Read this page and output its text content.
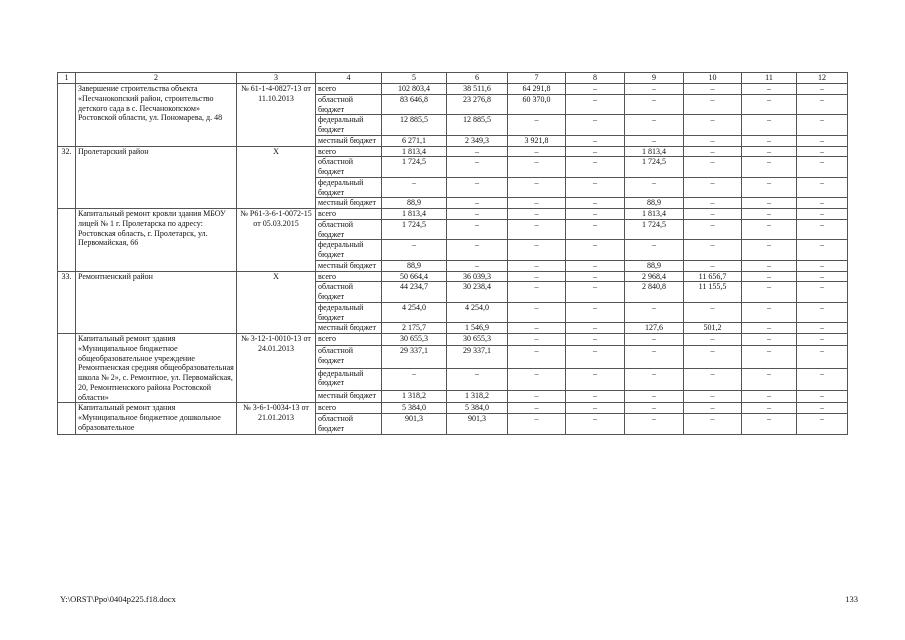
1	2	3	4	5	6	7	8	9	10	11	12
	Завершение строительства объекта «Песчанокопский район, строительство детского сада в с. Песчанокопском» Ростовской области, ул. Пономарева, д. 48	№ 61-1-4-0827-13 от 11.10.2013	всего	102 803,4	38 511,6	64 291,8	–	–	–	–	–
			областной бюджет	83 646,8	23 276,8	60 370,0	–	–	–	–	–
			федеральный бюджет	12 885,5	12 885,5	–	–	–	–	–	–
			местный бюджет	6 271,1	2 349,3	3 921,8	–	–	–	–	–
32.	Пролетарский район	Х	всего	1 813,4	–	–	–	1 813,4	–	–	–
			областной бюджет	1 724,5	–	–	–	1 724,5	–	–	–
			федеральный бюджет	–	–	–	–	–	–	–	–
			местный бюджет	88,9	–	–	–	88,9	–	–	–
	Капитальный ремонт кровли здания МБОУ лицей № 1 г. Пролетарска по адресу: Ростовская область, г. Пролетарск, ул. Первомайская, 66	№ Р61-3-6-1-0072-15 от 05.03.2015	всего	1 813,4	–	–	–	1 813,4	–	–	–
			областной бюджет	1 724,5	–	–	–	1 724,5	–	–	–
			федеральный бюджет	–	–	–	–	–	–	–	–
			местный бюджет	88,9	–	–	–	88,9	–	–	–
33.	Ремонтненский район	Х	всего	50 664,4	36 039,3	–	–	2 968,4	11 656,7	–	–
			областной бюджет	44 234,7	30 238,4	–	–	2 840,8	11 155,5	–	–
			федеральный бюджет	4 254,0	4 254,0	–	–	–	–	–	–
			местный бюджет	2 175,7	1 546,9	–	–	127,6	501,2	–	–
	Капитальный ремонт здания «Муниципальное бюджетное общеобразовательное учреждение Ремонтненская средняя общеобразовательная школа № 2», с. Ремонтное, ул. Первомайская, 20, Ремонтненского района Ростовской области»	№ 3-12-1-0010-13 от 24.01.2013	всего	30 655,3	30 655,3	–	–	–	–	–	–
			областной бюджет	29 337,1	29 337,1	–	–	–	–	–	–
			федеральный бюджет	–	–	–	–	–	–	–	–
			местный бюджет	1 318,2	1 318,2	–	–	–	–	–	–
	Капитальный ремонт здания «Муниципальное бюджетное дошкольное образовательное	№ 3-6-1-0034-13 от 21.01.2013	всего	5 384,0	5 384,0	–	–	–	–	–	–
			областной бюджет	901,3	901,3	–	–	–	–	–	–
Y:\ORST\Ppo\0404p225.f18.docx	133
